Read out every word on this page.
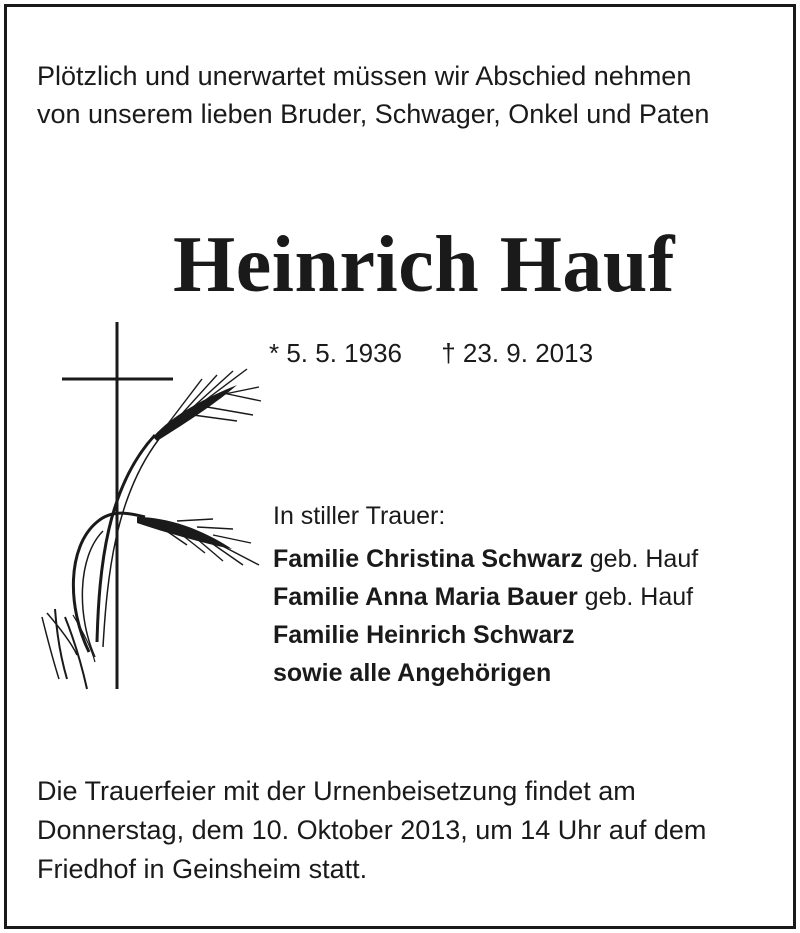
Plötzlich und unerwartet müssen wir Abschied nehmen
von unserem lieben Bruder, Schwager, Onkel und Paten
Heinrich Hauf
* 5. 5. 1936 † 23. 9. 2013
In stiller Trauer:
Familie Christina Schwarz geb. Hauf
Familie Anna Maria Bauer geb. Hauf
Familie Heinrich Schwarz
sowie alle Angehörigen
Die Trauerfeier mit der Urnenbeisetzung findet am
Donnerstag, dem 10. Oktober 2013, um 14 Uhr auf dem
Friedhof in Geinsheim statt.
